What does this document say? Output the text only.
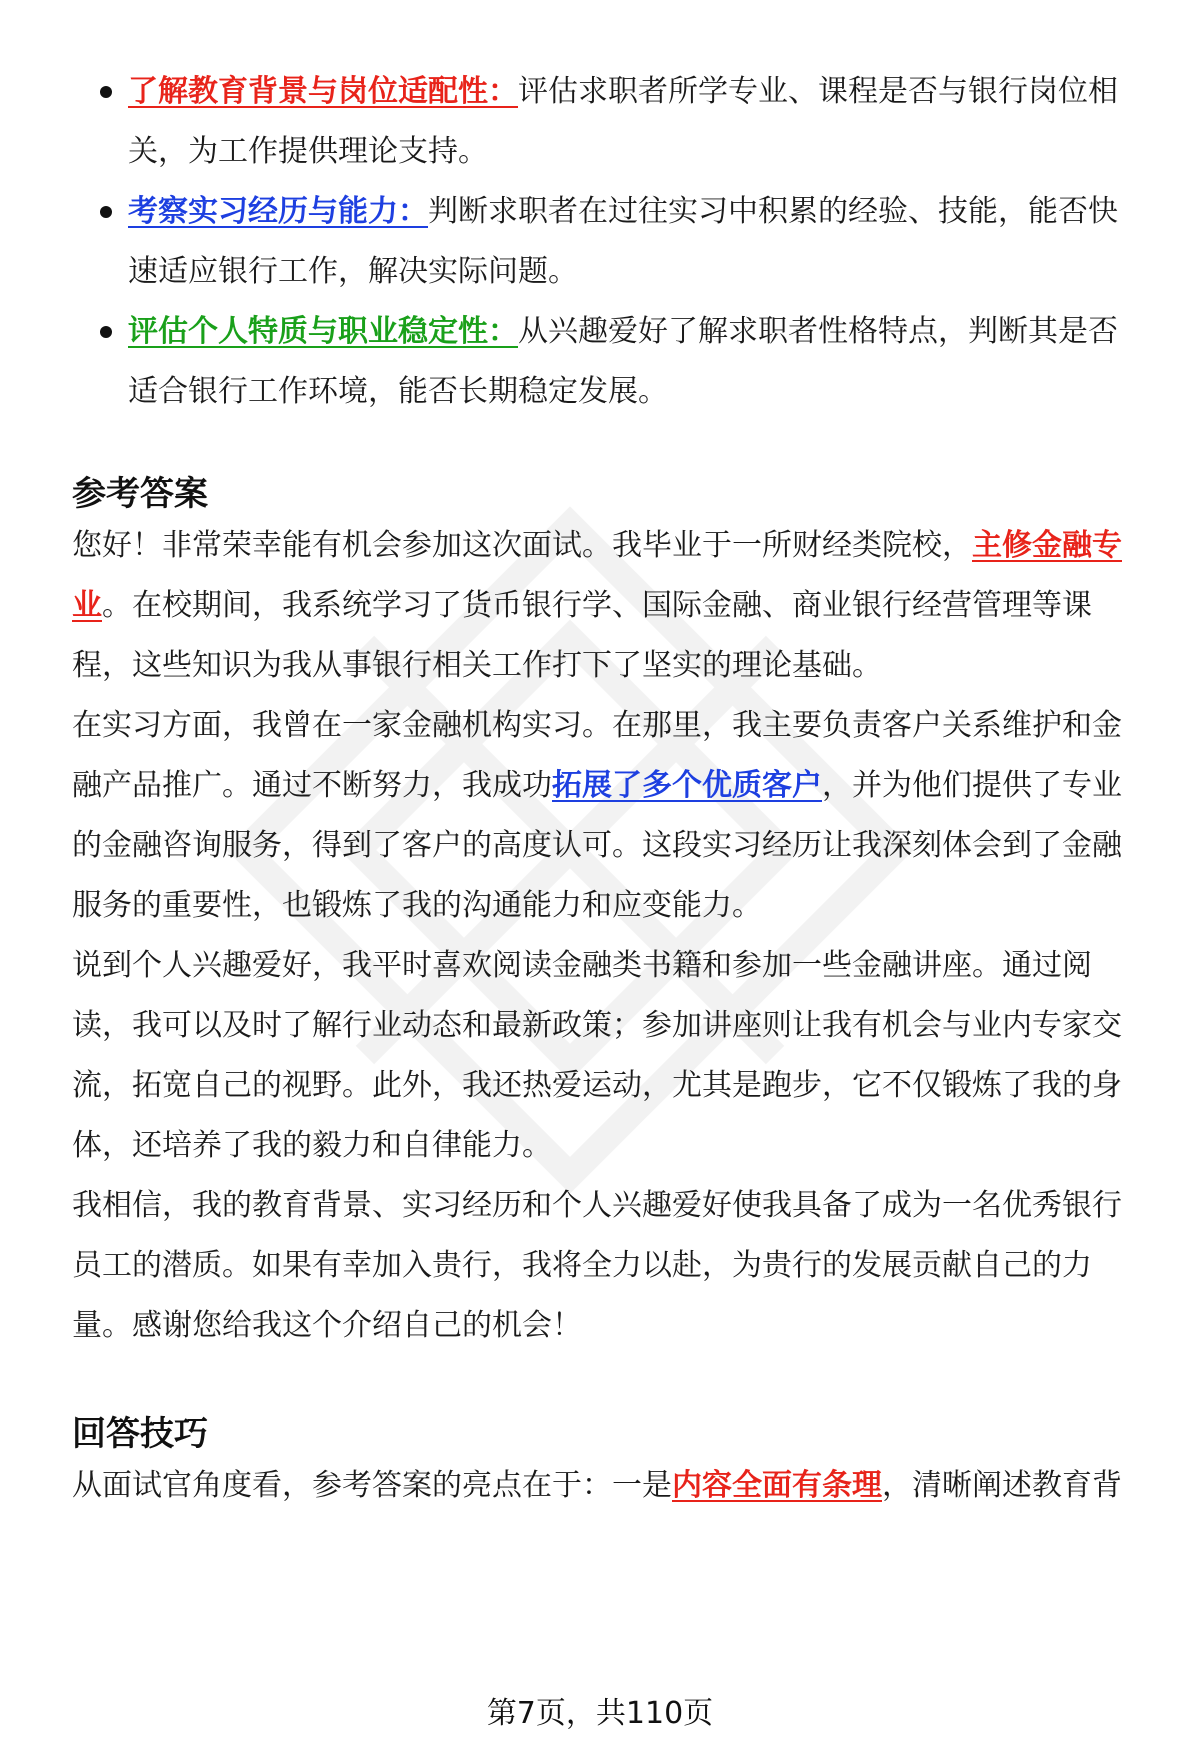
了解教育背景与岗位适配性：评估求职者所学专业、课程是否与银行岗位相关，为工作提供理论支持。
考察实习经历与能力：判断求职者在过往实习中积累的经验、技能，能否快速适应银行工作，解决实际问题。
评估个人特质与职业稳定性：从兴趣爱好了解求职者性格特点，判断其是否适合银行工作环境，能否长期稳定发展。
参考答案

您好！非常荣幸能有机会参加这次面试。我毕业于一所财经类院校，主修金融专业。在校期间，我系统学习了货币银行学、国际金融、商业银行经营管理等课程，这些知识为我从事银行相关工作打下了坚实的理论基础。

在实习方面，我曾在一家金融机构实习。在那里，我主要负责客户关系维护和金融产品推广。通过不断努力，我成功拓展了多个优质客户，并为他们提供了专业的金融咨询服务，得到了客户的高度认可。这段实习经历让我深刻体会到了金融服务的重要性，也锻炼了我的沟通能力和应变能力。

说到个人兴趣爱好，我平时喜欢阅读金融类书籍和参加一些金融讲座。通过阅读，我可以及时了解行业动态和最新政策；参加讲座则让我有机会与业内专家交流，拓宽自己的视野。此外，我还热爱运动，尤其是跑步，它不仅锻炼了我的身体，还培养了我的毅力和自律能力。

我相信，我的教育背景、实习经历和个人兴趣爱好使我具备了成为一名优秀银行员工的潜质。如果有幸加入贵行，我将全力以赴，为贵行的发展贡献自己的力量。感谢您给我这个介绍自己的机会！

回答技巧

从面试官角度看，参考答案的亮点在于：一是内容全面有条理，清晰阐述教育背

第7页，共110页
